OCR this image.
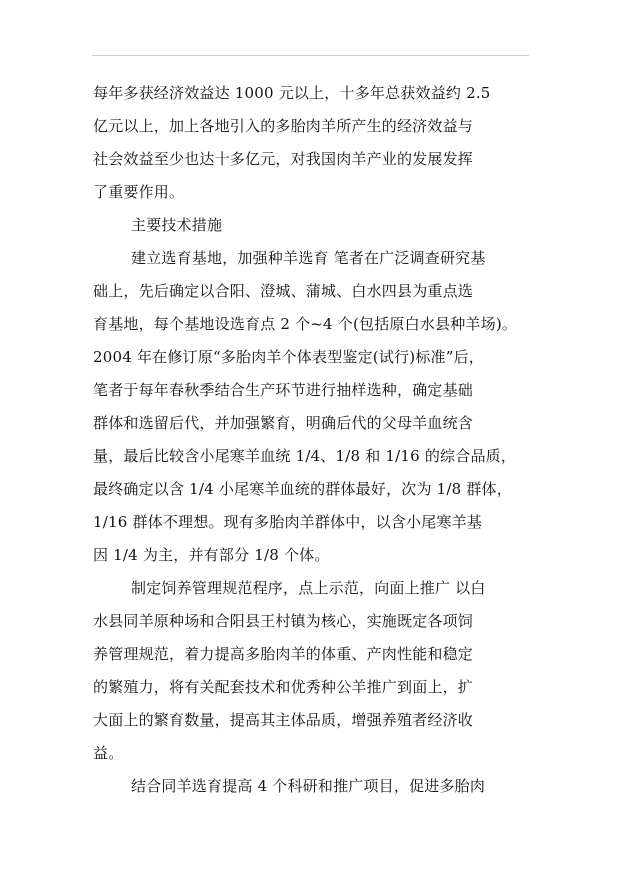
每年多获经济效益达 1000 元以上，十多年总获效益约 2.5
亿元以上，加上各地引入的多胎肉羊所产生的经济效益与
社会效益至少也达十多亿元，对我国肉羊产业的发展发挥
了重要作用。
主要技术措施
建立选育基地，加强种羊选育 笔者在广泛调查研究基
础上，先后确定以合阳、澄城、蒲城、白水四县为重点选
育基地，每个基地设选育点 2 个~4 个(包括原白水县种羊场)。
2004 年在修订原“多胎肉羊个体表型鉴定(试行)标准”后，
笔者于每年春秋季结合生产环节进行抽样选种，确定基础
群体和选留后代，并加强繁育，明确后代的父母羊血统含
量，最后比较含小尾寒羊血统 1/4、1/8 和 1/16 的综合品质，
最终确定以含 1/4 小尾寒羊血统的群体最好，次为 1/8 群体，
1/16 群体不理想。现有多胎肉羊群体中，以含小尾寒羊基
因 1/4 为主，并有部分 1/8 个体。
制定饲养管理规范程序，点上示范，向面上推广 以白
水县同羊原种场和合阳县王村镇为核心，实施既定各项饲
养管理规范，着力提高多胎肉羊的体重、产肉性能和稳定
的繁殖力，将有关配套技术和优秀种公羊推广到面上，扩
大面上的繁育数量，提高其主体品质，增强养殖者经济收
益。
结合同羊选育提高 4 个科研和推广项目，促进多胎肉
